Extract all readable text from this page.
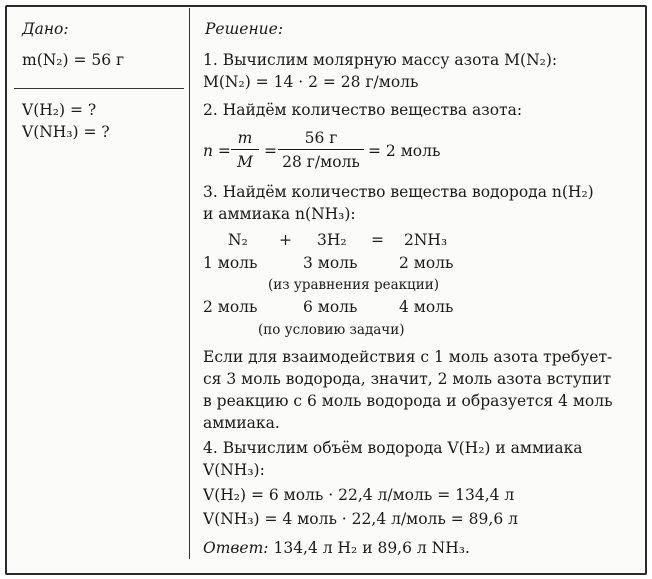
Дано:
m(N₂) = 56 г
V(H₂) = ?
V(NH₃) = ?
Решение:
1. Вычислим молярную массу азота M(N₂):
M(N₂) = 14 · 2 = 28 г/моль
2. Найдём количество вещества азота:
n =
m
M
=
56 г
28 г/моль
= 2 моль
3. Найдём количество вещества водорода n(H₂)
и аммиака n(NH₃):
N₂ + 3H₂ = 2NH₃
1 моль	3 моль	2 моль
(из уравнения реакции)
2 моль	6 моль	4 моль
(по условию задачи)
Если для взаимодействия с 1 моль азота требует-
ся 3 моль водорода, значит, 2 моль азота вступит
в реакцию с 6 моль водорода и образуется 4 моль
аммиака.
4. Вычислим объём водорода V(H₂) и аммиака
V(NH₃):
V(H₂) = 6 моль · 22,4 л/моль = 134,4 л
V(NH₃) = 4 моль · 22,4 л/моль = 89,6 л
Ответ: 134,4 л H₂ и 89,6 л NH₃.
